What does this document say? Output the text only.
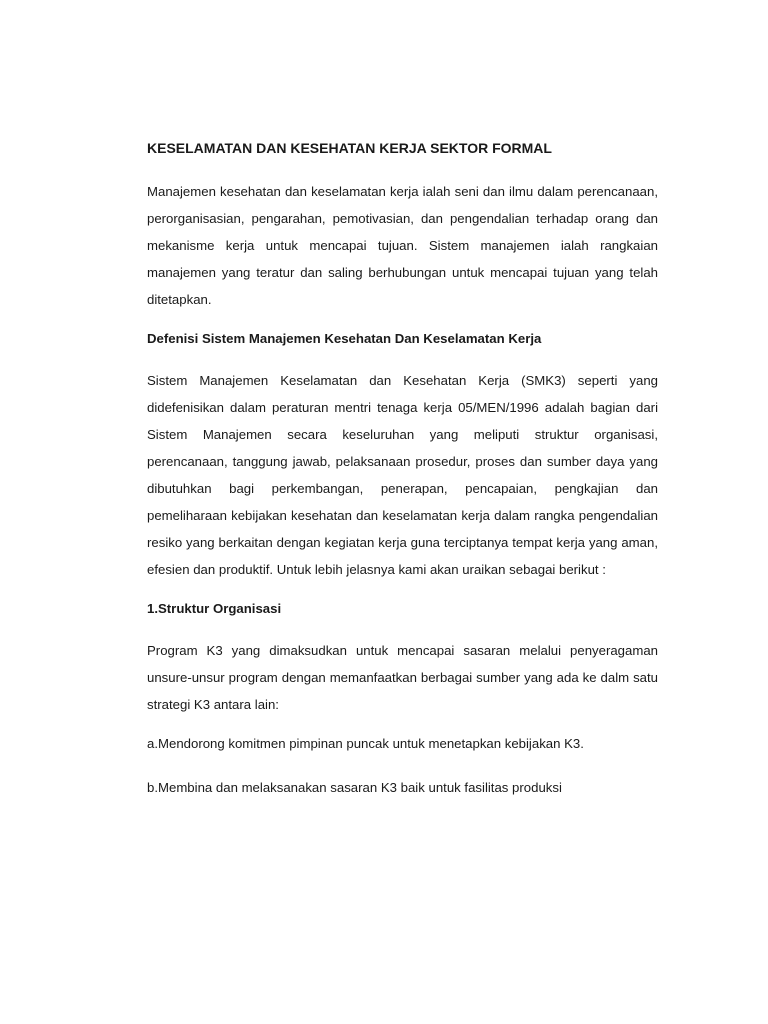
KESELAMATAN DAN KESEHATAN KERJA SEKTOR FORMAL
Manajemen kesehatan dan keselamatan kerja ialah seni dan ilmu dalam perencanaan, perorganisasian, pengarahan, pemotivasian, dan pengendalian terhadap orang dan mekanisme kerja untuk mencapai tujuan. Sistem manajemen ialah rangkaian manajemen yang teratur dan saling berhubungan untuk mencapai tujuan yang telah ditetapkan.
Defenisi Sistem Manajemen Kesehatan Dan Keselamatan Kerja
Sistem Manajemen Keselamatan dan Kesehatan Kerja (SMK3) seperti yang didefenisikan dalam peraturan mentri tenaga kerja 05/MEN/1996 adalah bagian dari Sistem Manajemen secara keseluruhan yang meliputi struktur organisasi, perencanaan, tanggung jawab, pelaksanaan prosedur, proses dan sumber daya yang dibutuhkan bagi perkembangan, penerapan, pencapaian, pengkajian dan pemeliharaan kebijakan kesehatan dan keselamatan kerja dalam rangka pengendalian resiko yang berkaitan dengan kegiatan kerja guna terciptanya tempat kerja yang aman, efesien dan produktif. Untuk lebih jelasnya kami akan uraikan sebagai berikut :
1.Struktur Organisasi
Program K3 yang dimaksudkan untuk mencapai sasaran melalui penyeragaman unsure-unsur program dengan memanfaatkan berbagai sumber yang ada ke dalm satu strategi K3 antara lain:
a.Mendorong komitmen pimpinan puncak untuk menetapkan kebijakan K3.
b.Membina dan melaksanakan sasaran K3 baik untuk fasilitas produksi
